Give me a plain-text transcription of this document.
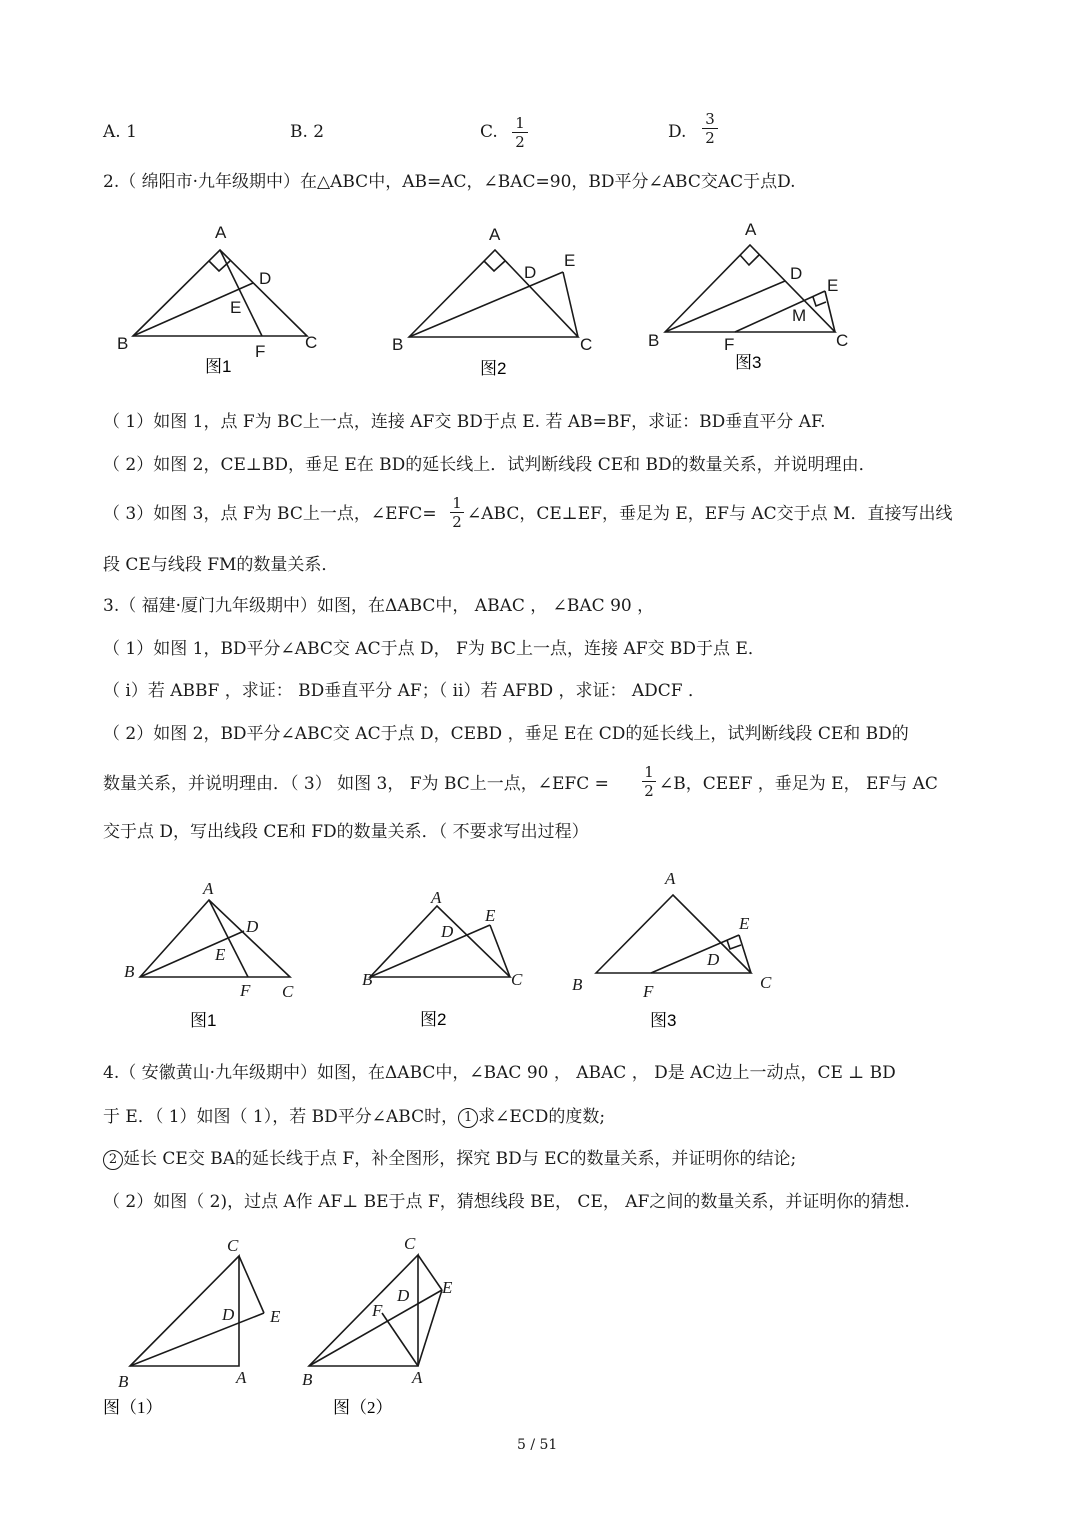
A. 1	B. 2	C. $\frac{1}{2}$	D. $\frac{3}{2}$
2.（ 绵阳市·九年级期中）在△ABC中，AB=AC，∠BAC=90，BD平分∠ABC交AC于点D.
A
D
E
B	C
F
A
D
E
B	C
A
D
E
M
B	C
F
图1	图2	图3
（ 1）如图 1，点 F为 BC上一点，连接 AF交 BD于点 E. 若 AB=BF，求证：BD垂直平分 AF.
（ 2）如图 2，CE⊥BD，垂足 E在 BD的延长线上．试判断线段 CE和 BD的数量关系，并说明理由．
（ 3）如图 3，点 F为 BC上一点，∠EFC= $\frac{1}{2}$ ∠ABC，CE⊥EF，垂足为 E，EF与 AC交于点 M．直接写出线
段 CE与线段 FM的数量关系．
3.（ 福建·厦门九年级期中）如图，在ΔABC中， ABAC ， ∠BAC 90 ，
（ 1）如图 1，BD平分∠ABC交 AC于点 D， F为 BC上一点，连接 AF交 BD于点 E．
（ i）若 ABBF ，求证： BD垂直平分 AF；（ ii）若 AFBD ，求证： ADCF ．
（ 2）如图 2，BD平分∠ABC交 AC于点 D，CEBD ，垂足 E在 CD的延长线上，试判断线段 CE和 BD的
数量关系，并说明理由．（ 3） 如图 3， F为 BC上一点，∠EFC = $\frac{1}{2}$ ∠B，CEEF ，垂足为 E， EF与 AC
交于点 D，写出线段 CE和 FD的数量关系．（ 不要求写出过程）
A
D
E
B
C
F
A
D
E
B	C
A
D
E
B	C
F
图1	图2	图3
4.（ 安徽黄山·九年级期中）如图，在ΔABC中，∠BAC 90 ， ABAC ， D是 AC边上一动点，CE ⊥ BD
于 E．（ 1）如图（ 1），若 BD平分∠ABC时， 1 求∠ECD的度数;
2 延长 CE交 BA的延长线于点 F，补全图形，探究 BD与 EC的数量关系，并证明你的结论;
（ 2）如图（ 2)，过点 A作 AF⊥ BE于点 F，猜想线段 BE， CE， AF之间的数量关系，并证明你的猜想.
C
D E
B	A
C
D E
F
B	A
图（1）	图（2）
5 / 51
